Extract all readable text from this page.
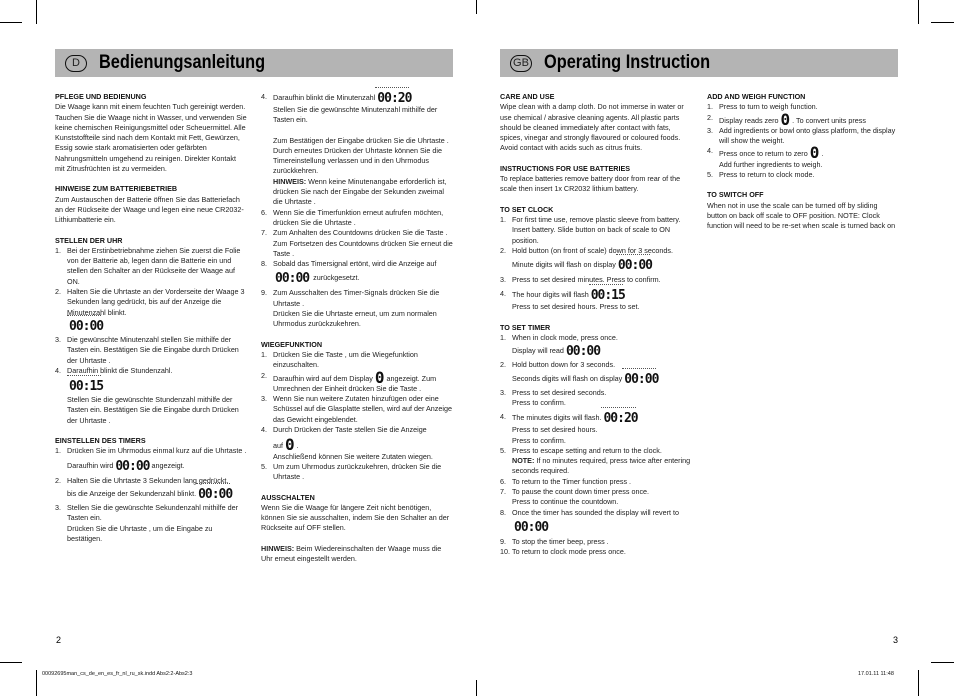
D	Bedienungsanleitung	GB Operating Instruction
PFLEGE UND BEDIENUNG
Die Waage kann mit einem feuchten Tuch gereinigt werden. Tauchen Sie die Waage nicht in Wasser, und verwenden Sie keine chemischen Reinigungsmittel oder Scheuermittel. Alle Kunststoffteile sind nach dem Kontakt mit Fett, Gewürzen, Essig sowie stark aromatisierten oder gefärbten Nahrungsmitteln umgehend zu reinigen. Direkter Kontakt mit Zitrusfrüchten ist zu vermeiden.
HINWEISE ZUM BATTERIEBETRIEB
Zum Austauschen der Batterie öffnen Sie das Batteriefach an der Rückseite der Waage und legen eine neue CR2032-Lithiumbatterie ein.
STELLEN DER UHR
1. Bei der Erstinbetriebnahme ziehen Sie zuerst die Folie von der Batterie ab, legen dann die Batterie ein und stellen den Schalter an der Rückseite der Waage auf ON.
2. Halten Sie die Uhrtaste an der Vorderseite der Waage 3 Sekunden lang gedrückt, bis auf der Anzeige die Minutenzahl blinkt.
00:00
3. Die gewünschte Minutenzahl stellen Sie mithilfe der Tasten ein. Bestätigen Sie die Eingabe durch Drücken der Uhrtaste .
4. Daraufhin blinkt die Stundenzahl.
00:15
Stellen Sie die gewünschte Stundenzahl mithilfe der Tasten ein. Bestätigen Sie die Eingabe durch Drücken der Uhrtaste .
EINSTELLEN DES TIMERS
1. Drücken Sie im Uhrmodus einmal kurz auf die Uhrtaste .
Daraufhin wird 00:00 angezeigt.
2. Halten Sie die Uhrtaste 3 Sekunden lang gedrückt,
bis die Anzeige der Sekundenzahl blinkt. 00:00
3. Stellen Sie die gewünschte Sekundenzahl mithilfe der Tasten ein.
Drücken Sie die Uhrtaste , um die Eingabe zu bestätigen.
4. Daraufhin blinkt die Minutenzahl 00:20
Stellen Sie die gewünschte Minutenzahl mithilfe der Tasten ein.
Zum Bestätigen der Eingabe drücken Sie die Uhrtaste .
Durch erneutes Drücken der Uhrtaste können Sie die Timereinstellung verlassen und in den Uhrmodus zurückkehren.
HINWEIS: Wenn keine Minutenangabe erforderlich ist, drücken Sie nach der Eingabe der Sekunden zweimal die Uhrtaste .
6. Wenn Sie die Timerfunktion erneut aufrufen möchten, drücken Sie die Uhrtaste .
7. Zum Anhalten des Countdowns drücken Sie die Taste .
Zum Fortsetzen des Countdowns drücken Sie erneut die Taste .
8. Sobald das Timersignal ertönt, wird die Anzeige auf
00:00 zurückgesetzt.
9. Zum Ausschalten des Timer-Signals drücken Sie die Uhrtaste .
Drücken Sie die Uhrtaste erneut, um zum normalen Uhrmodus zurückzukehren.
WIEGEFUNKTION
1. Drücken Sie die Taste , um die Wiegefunktion einzuschalten.
2. Daraufhin wird auf dem Display 0 angezeigt. Zum Umrechnen der Einheit drücken Sie die Taste .
3. Wenn Sie nun weitere Zutaten hinzufügen oder eine Schüssel auf die Glasplatte stellen, wird auf der Anzeige das Gewicht eingeblendet.
4. Durch Drücken der Taste stellen Sie die Anzeige
auf 0 .
Anschließend können Sie weitere Zutaten wiegen.
5. Um zum Uhrmodus zurückzukehren, drücken Sie die Uhrtaste .
AUSSCHALTEN
Wenn Sie die Waage für längere Zeit nicht benötigen, können Sie sie ausschalten, indem Sie den Schalter an der Rückseite auf OFF stellen.
HINWEIS: Beim Wiedereinschalten der Waage muss die Uhr erneut eingestellt werden.
CARE AND USE
Wipe clean with a damp cloth. Do not immerse in water or use chemical / abrasive cleaning agents. All plastic parts should be cleaned immediately after contact with fats, spices, vinegar and strongly flavoured or coloured foods. Avoid contact with acids such as citrus fruits.
INSTRUCTIONS FOR USE BATTERIES
To replace batteries remove battery door from rear of the scale then insert 1x CR2032 lithium battery.
TO SET CLOCK
1. For first time use, remove plastic sleeve from battery. Insert battery. Slide button on back of scale to ON position.
2. Hold button (on front of scale) down for 3 seconds.
Minute digits will flash on display 00:00
3. Press to set desired minutes. Press to confirm.
4. The hour digits will flash 00:15
Press to set desired hours. Press to set.
TO SET TIMER
1. When in clock mode, press once.
Display will read 00:00
2. Hold button down for 3 seconds.
Seconds digits will flash on display 00:00
3. Press to set desired seconds.
Press to confirm.
4. The minutes digits will flash. 00:20
Press to set desired hours.
Press to confirm.
5. Press to escape setting and return to the clock.
NOTE: If no minutes required, press twice after entering seconds required.
6. To return to the Timer function press .
7. To pause the count down timer press once.
Press to continue the countdown.
8. Once the timer has sounded the display will revert to
00:00
9. To stop the timer beep, press .
10. To return to clock mode press once.
ADD AND WEIGH FUNCTION
1. Press to turn to weigh function.
2. Display reads zero 0 . To convert units press
3. Add ingredients or bowl onto glass platform, the display will show the weight.
4. Press once to return to zero 0 .
Add further ingredients to weigh.
5. Press to return to clock mode.
TO SWITCH OFF
When not in use the scale can be turned off by sliding button on back off scale to OFF position. NOTE: Clock function will need to be re-set when scale is turned back on
2	3
00092695man_cs_de_en_es_fr_nl_ru_sk.indd Abs2:2-Abs2:3	17.01.11 11:48
